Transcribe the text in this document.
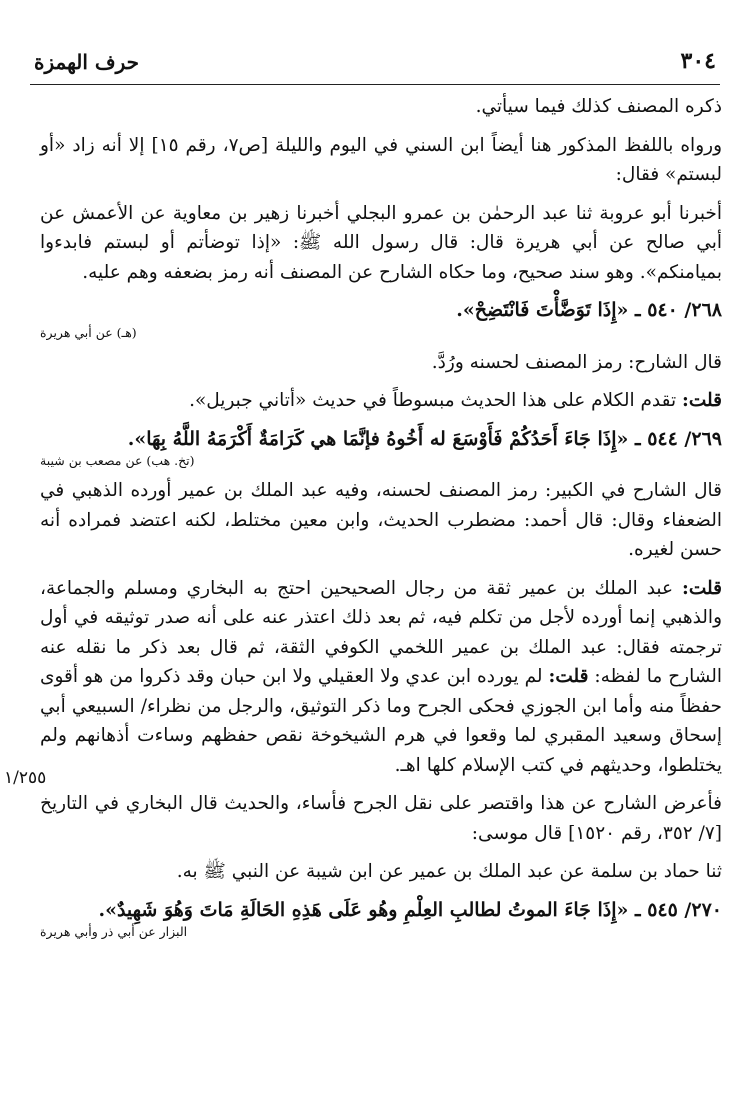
٣٠٤
حرف الهمزة
١/٢٥٥

ذكره المصنف كذلك فيما سيأتي.

ورواه باللفظ المذكور هنا أيضاً ابن السني في اليوم والليلة [ص٧، رقم ١٥] إلا أنه زاد «أو لبستم» فقال:

أخبرنا أبو عروبة ثنا عبد الرحمٰن بن عمرو البجلي أخبرنا زهير بن معاوية عن الأعمش عن أبي صالح عن أبي هريرة قال: قال رسول الله ﷺ: «إذا توضأتم أو لبستم فابدءوا بميامنكم». وهو سند صحيح، وما حكاه الشارح عن المصنف أنه رمز بضعفه وهم عليه.

٢٦٨/ ٥٤٠ ـ «إِذَا تَوَضَّأْتَ فَانْتَضِحْ».

(هـ) عن أبي هريرة

قال الشارح: رمز المصنف لحسنه ورُدَّ.

قلت: تقدم الكلام على هذا الحديث مبسوطاً في حديث «أتاني جبريل».

٢٦٩/ ٥٤٤ ـ «إِذَا جَاءَ أَحَدُكُمْ فَأَوْسَعَ له أَخُوهُ فإنَّمَا هي كَرَامَةٌ أَكْرَمَهُ اللَّهُ بِهَا».

(تخ. هب) عن مصعب بن شيبة

قال الشارح في الكبير: رمز المصنف لحسنه، وفيه عبد الملك بن عمير أورده الذهبي في الضعفاء وقال: قال أحمد: مضطرب الحديث، وابن معين مختلط، لكنه اعتضد فمراده أنه حسن لغيره.

قلت: عبد الملك بن عمير ثقة من رجال الصحيحين احتج به البخاري ومسلم والجماعة، والذهبي إنما أورده لأجل من تكلم فيه، ثم بعد ذلك اعتذر عنه على أنه صدر توثيقه في أول ترجمته فقال: عبد الملك بن عمير اللخمي الكوفي الثقة، ثم قال بعد ذكر ما نقله عنه الشارح ما لفظه: قلت: لم يورده ابن عدي ولا العقيلي ولا ابن حبان وقد ذكروا من هو أقوى حفظاً منه وأما ابن الجوزي فحكى الجرح وما ذكر التوثيق، والرجل من نظراء/ السبيعي أبي إسحاق وسعيد المقبري لما وقعوا في هرم الشيخوخة نقص حفظهم وساءت أذهانهم ولم يختلطوا، وحديثهم في كتب الإسلام كلها اهـ.

فأعرض الشارح عن هذا واقتصر على نقل الجرح فأساء، والحديث قال البخاري في التاريخ [٧/ ٣٥٢، رقم ١٥٢٠] قال موسى:

ثنا حماد بن سلمة عن عبد الملك بن عمير عن ابن شيبة عن النبي ﷺ به.

٢٧٠/ ٥٤٥ ـ «إِذَا جَاءَ الموتُ لطالبِ العِلْمِ وهُو عَلَى هَذِهِ الحَالَةِ مَاتَ وَهُوَ شَهِيدٌ».

البزار عن أبي ذر وأبي هريرة
